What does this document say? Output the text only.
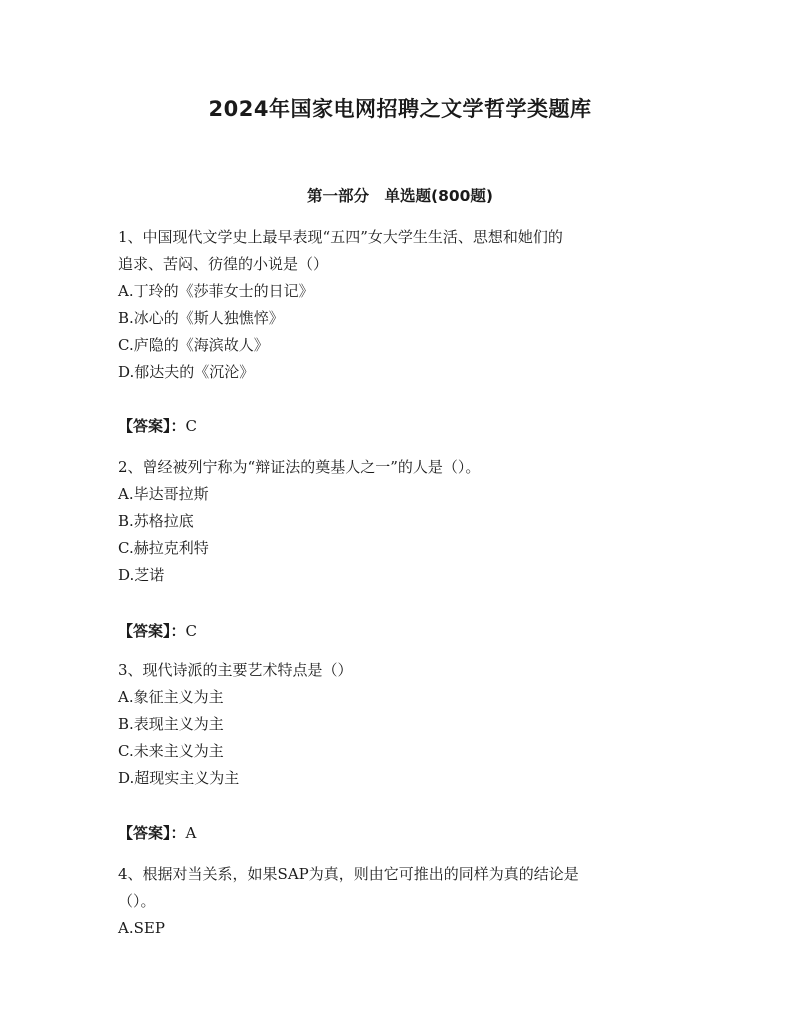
2024年国家电网招聘之文学哲学类题库
第一部分　单选题(800题)
1、中国现代文学史上最早表现“五四”女大学生生活、思想和她们的
追求、苦闷、彷徨的小说是（）
A.丁玲的《莎菲女士的日记》
B.冰心的《斯人独憔悴》
C.庐隐的《海滨故人》
D.郁达夫的《沉沦》
【答案】：C
2、曾经被列宁称为“辩证法的奠基人之一”的人是（）。
A.毕达哥拉斯
B.苏格拉底
C.赫拉克利特
D.芝诺
【答案】：C
3、现代诗派的主要艺术特点是（）
A.象征主义为主
B.表现主义为主
C.未来主义为主
D.超现实主义为主
【答案】：A
4、根据对当关系，如果SAP为真，则由它可推出的同样为真的结论是
（）。
A.SEP
